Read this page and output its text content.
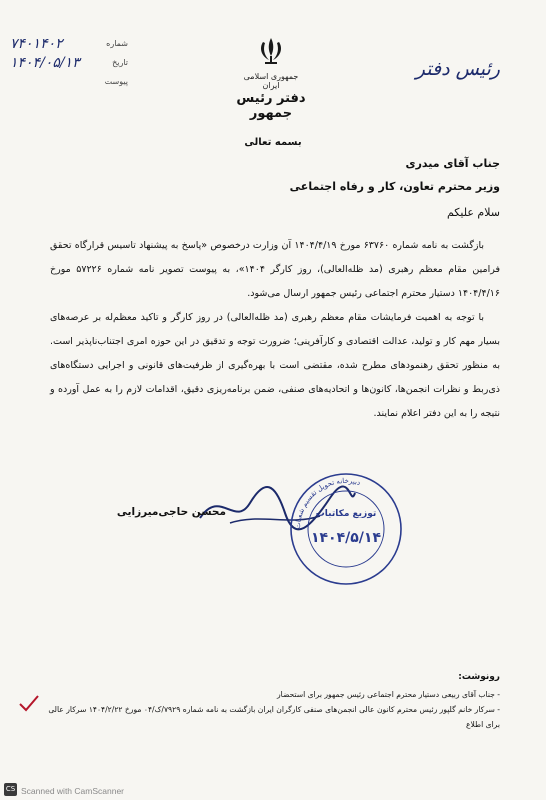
رئیس دفتر
جمهوری اسلامی ایران
دفتر رئیس جمهور
۷۴۰۱۴۰۲	شماره
۱۴۰۴/۰۵/۱۳	تاریخ
پیوست
بسمه تعالی
جناب آقای میدری
وزیر محترم تعاون، کار و رفاه اجتماعی
سلام علیکم

بازگشت به نامه شماره ۶۳۷۶۰ مورخ ۱۴۰۴/۴/۱۹ آن وزارت درخصوص «پاسخ به پیشنهاد تاسیس قرارگاه تحقق فرامین مقام معظم رهبری (مد ظله‌العالی)، روز کارگر ۱۴۰۴»، به پیوست تصویر نامه شماره ۵۷۲۲۶ مورخ ۱۴۰۴/۴/۱۶ دستیار محترم اجتماعی رئیس جمهور ارسال می‌شود.

با توجه به اهمیت فرمایشات مقام معظم رهبری (مد ظله‌العالی) در روز کارگر و تاکید معظم‌له بر عرصه‌های بسیار مهم کار و تولید، عدالت اقتصادی و کارآفرینی؛ ضرورت توجه و تدقیق در این حوزه امری اجتناب‌ناپذیر است. به منظور تحقق رهنمودهای مطرح شده، مقتضی است با بهره‌گیری از ظرفیت‌های قانونی و اجرایی دستگاه‌های ذی‌ربط و نظرات انجمن‌ها، کانون‌ها و اتحادیه‌های صنفی، ضمن برنامه‌ریزی دقیق، اقدامات لازم را به عمل آورده و نتیجه را به این دفتر اعلام نمایند.

محسن حاجی‌میرزایی
دبیرخانه تحویل تقسیم شعبات
توزیع مکاتبات
۱۴۰۴/۵/۱۴
رونوشت:
- جناب آقای ربیعی دستیار محترم اجتماعی رئیس جمهور برای استحضار
- سرکار خانم گلپور رئیس محترم کانون عالی انجمن‌های صنفی کارگران ایران بازگشت به نامه شماره ۷۹۲۹/ک/۰۴ مورخ ۱۴۰۴/۲/۲۲ سرکار عالی برای اطلاع
CS Scanned with CamScanner
